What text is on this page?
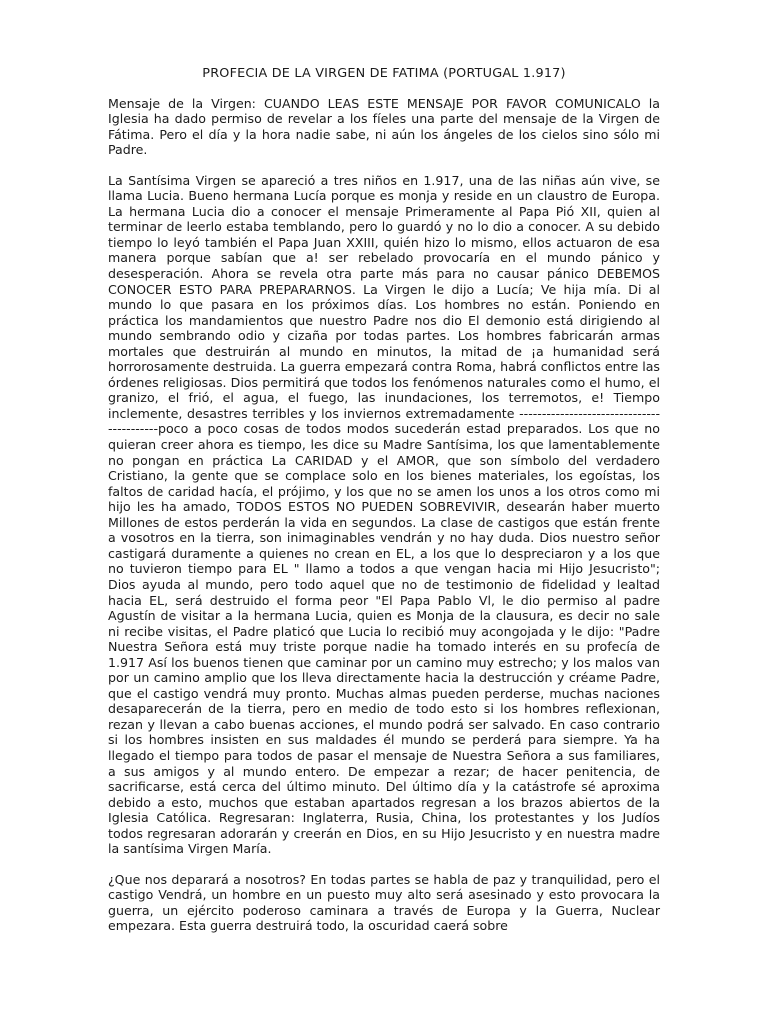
PROFECIA DE LA VIRGEN DE FATIMA (PORTUGAL 1.917)

Mensaje de la Virgen: CUANDO LEAS ESTE MENSAJE POR FAVOR COMUNICALO la Iglesia ha dado permiso de revelar a los fíeles una parte del mensaje de la Virgen de Fátima. Pero el día y la hora nadie sabe, ni aún los ángeles de los cielos sino sólo mi Padre.

La Santísima Virgen se apareció a tres niños en 1.917, una de las niñas aún vive, se llama Lucia. Bueno hermana Lucía porque es monja y reside en un claustro de Europa. La hermana Lucia dio a conocer el mensaje Primeramente al Papa Pió XII, quien al terminar de leerlo estaba temblando, pero lo guardó y no lo dio a conocer. A su debido tiempo lo leyó también el Papa Juan XXIII, quién hizo lo mismo, ellos actuaron de esa manera porque sabían que a! ser rebelado provocaría en el mundo pánico y desesperación. Ahora se revela otra parte más para no causar pánico DEBEMOS CONOCER ESTO PARA PREPARARNOS. La Virgen le dijo a Lucía; Ve hija mía. Di al mundo lo que pasara en los próximos días. Los hombres no están. Poniendo en práctica los mandamientos que nuestro Padre nos dio El demonio está dirigiendo al mundo sembrando odio y cizaña por todas partes. Los hombres fabricarán armas mortales que destruirán al mundo en minutos, la mitad de ¡a humanidad será horrorosamente destruida. La guerra empezará contra Roma, habrá conflictos entre las órdenes religiosas. Dios permitirá que todos los fenómenos naturales como el humo, el granizo, el frió, el agua, el fuego, las inundaciones, los terremotos, e! Tiempo inclemente, desastres terribles y los inviernos extremadamente ------------------------------------------poco a poco cosas de todos modos sucederán estad preparados. Los que no quieran creer ahora es tiempo, les dice su Madre Santísima, los que lamentablemente no pongan en práctica La CARIDAD y el AMOR, que son símbolo del verdadero Cristiano, la gente que se complace solo en los bienes materiales, los egoístas, los faltos de caridad hacía, el prójimo, y los que no se amen los unos a los otros como mi hijo les ha amado, TODOS ESTOS NO PUEDEN SOBREVIVIR, desearán haber muerto Millones de estos perderán la vida en segundos. La clase de castigos que están frente a vosotros en la tierra, son inimaginables vendrán y no hay duda. Dios nuestro señor castigará duramente a quienes no crean en EL, a los que lo despreciaron y a los que no tuvieron tiempo para EL " llamo a todos a que vengan hacia mi Hijo Jesucristo"; Dios ayuda al mundo, pero todo aquel que no de testimonio de fidelidad y lealtad hacia EL, será destruido el forma peor "El Papa Pablo Vl, le dio permiso al padre Agustín de visitar a la hermana Lucia, quien es Monja de la clausura, es decir no sale ni recibe visitas, el Padre platicó que Lucia lo recibió muy acongojada y le dijo: "Padre Nuestra Señora está muy triste porque nadie ha tomado interés en su profecía de 1.917 Así los buenos tienen que caminar por un camino muy estrecho; y los malos van por un camino amplio que los lleva directamente hacia la destrucción y créame Padre, que el castigo vendrá muy pronto. Muchas almas pueden perderse, muchas naciones desaparecerán de la tierra, pero en medio de todo esto si los hombres reflexionan, rezan y llevan a cabo buenas acciones, el mundo podrá ser salvado. En caso contrario si los hombres insisten en sus maldades él mundo se perderá para siempre. Ya ha llegado el tiempo para todos de pasar el mensaje de Nuestra Señora a sus familiares, a sus amigos y al mundo entero. De empezar a rezar; de hacer penitencia, de sacrificarse, está cerca del último minuto. Del último día y la catástrofe sé aproxima debido a esto, muchos que estaban apartados regresan a los brazos abiertos de la Iglesia Católica. Regresaran: Inglaterra, Rusia, China, los protestantes y los Judíos todos regresaran adorarán y creerán en Dios, en su Hijo Jesucristo y en nuestra madre la santísima Virgen María.

¿Que nos deparará a nosotros? En todas partes se habla de paz y tranquilidad, pero el castigo Vendrá, un hombre en un puesto muy alto será asesinado y esto provocara la guerra, un ejército poderoso caminara a través de Europa y la Guerra, Nuclear empezara. Esta guerra destruirá todo, la oscuridad caerá sobre
